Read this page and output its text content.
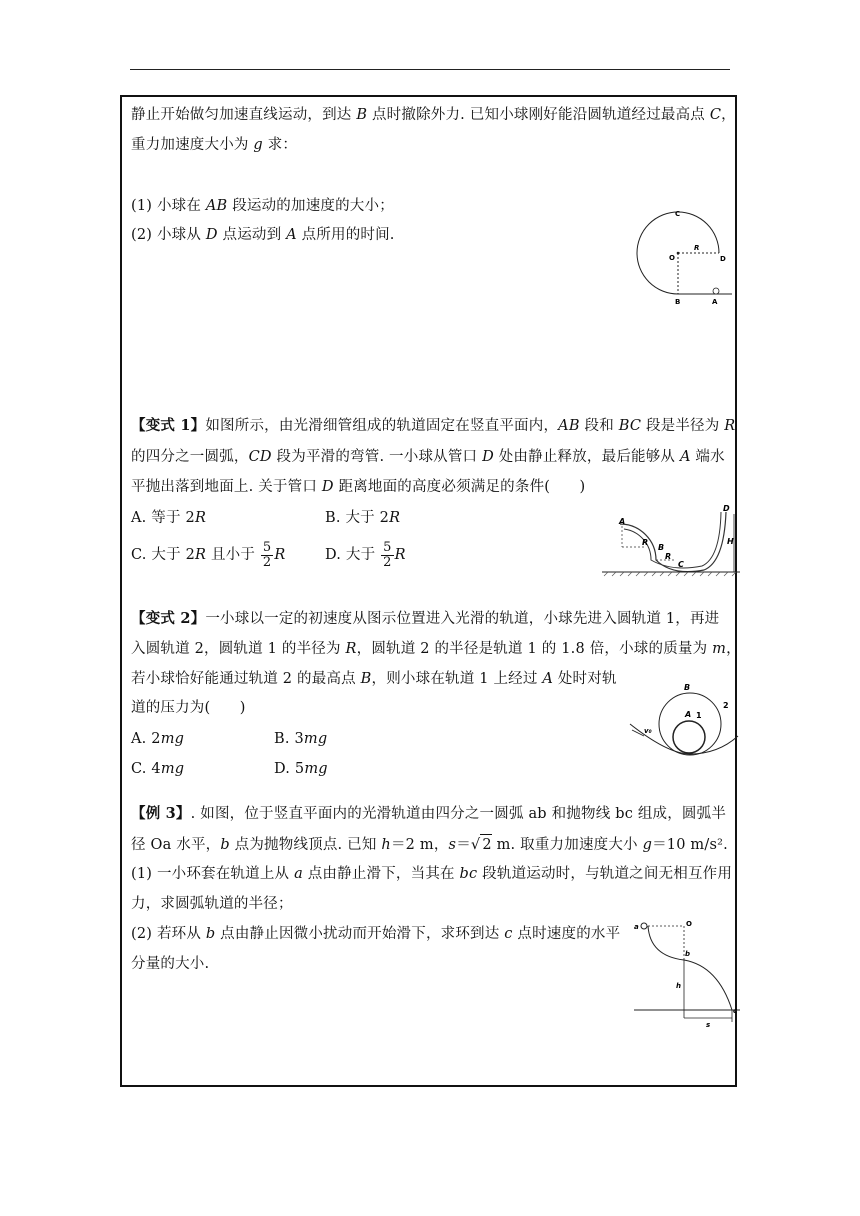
静止开始做匀加速直线运动，到达 B 点时撤除外力. 已知小球刚好能沿圆轨道经过最高点 C，
重力加速度大小为 g 求：
(1) 小球在 AB 段运动的加速度的大小；
(2) 小球从 D 点运动到 A 点所用的时间.
C
O
R
D
B	A
【变式 1】如图所示，由光滑细管组成的轨道固定在竖直平面内，AB 段和 BC 段是半径为 R
的四分之一圆弧，CD 段为平滑的弯管. 一小球从管口 D 处由静止释放，最后能够从 A 端水
平抛出落到地面上. 关于管口 D 距离地面的高度必须满足的条件(　　)
A. 等于 2R	B. 大于 2R
C. 大于 2R 且小于 $\frac{5}{2}$ R	D. 大于 $\frac{5}{2}$ R
A
R
B
R
C
D
H
【变式 2】一小球以一定的初速度从图示位置进入光滑的轨道，小球先进入圆轨道 1，再进
入圆轨道 2，圆轨道 1 的半径为 R，圆轨道 2 的半径是轨道 1 的 1.8 倍，小球的质量为 m，
若小球恰好能通过轨道 2 的最高点 B，则小球在轨道 1 上经过 A 处时对轨
道的压力为(　　)
A. 2mg	B. 3mg
C. 4mg	D. 5mg
B
A 1
2
v₀
【例 3】. 如图，位于竖直平面内的光滑轨道由四分之一圆弧 ab 和抛物线 bc 组成，圆弧半
径 Oa 水平，b 点为抛物线顶点. 已知 h＝2 m，s＝√ 2 m. 取重力加速度大小 g＝10 m/s².
(1) 一小环套在轨道上从 a 点由静止滑下，当其在 bc 段轨道运动时，与轨道之间无相互作用
力，求圆弧轨道的半径；
(2) 若环从 b 点由静止因微小扰动而开始滑下，求环到达 c 点时速度的水平
分量的大小.
a	O
b
h
c
s
